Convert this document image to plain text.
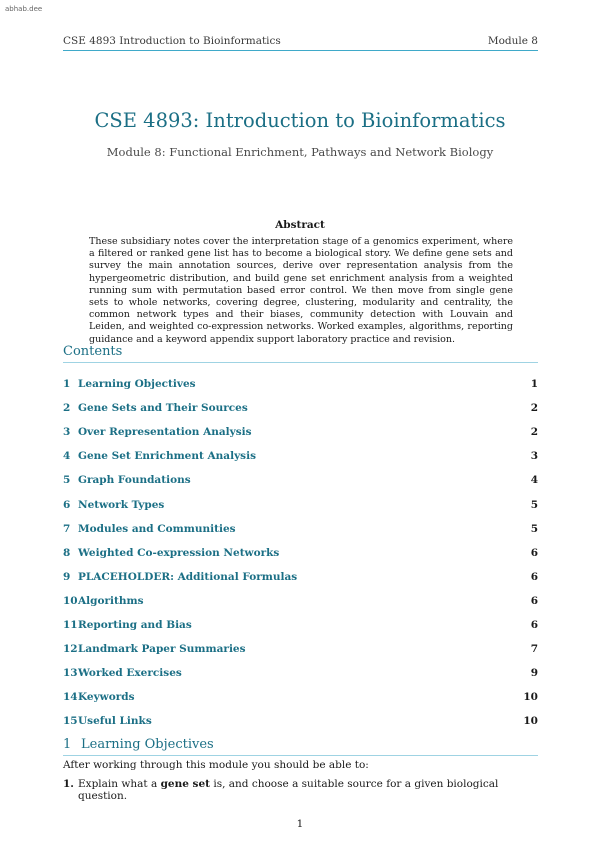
abhab.dee
CSE 4893 Introduction to Bioinformatics	Module 8
CSE 4893: Introduction to Bioinformatics
Module 8: Functional Enrichment, Pathways and Network Biology
Abstract
These subsidiary notes cover the interpretation stage of a genomics experiment, where a filtered or ranked gene list has to become a biological story. We define gene sets and survey the main annotation sources, derive over representation analysis from the hypergeometric distribution, and build gene set enrichment analysis from a weighted running sum with permutation based error control. We then move from single gene sets to whole networks, covering degree, clustering, modularity and centrality, the common network types and their biases, community detection with Louvain and Leiden, and weighted co-expression networks. Worked examples, algorithms, reporting guidance and a keyword appendix support laboratory practice and revision.
Contents
1 Learning Objectives	1
2 Gene Sets and Their Sources	2
3 Over Representation Analysis	2
4 Gene Set Enrichment Analysis	3
5 Graph Foundations	4
6 Network Types	5
7 Modules and Communities	5
8 Weighted Co-expression Networks	6
9 PLACEHOLDER: Additional Formulas	6
10 Algorithms	6
11 Reporting and Bias	6
12 Landmark Paper Summaries	7
13 Worked Exercises	9
14 Keywords	10
15 Useful Links	10
1 Learning Objectives
After working through this module you should be able to:
1. Explain what a gene set is, and choose a suitable source for a given biological question.
1
